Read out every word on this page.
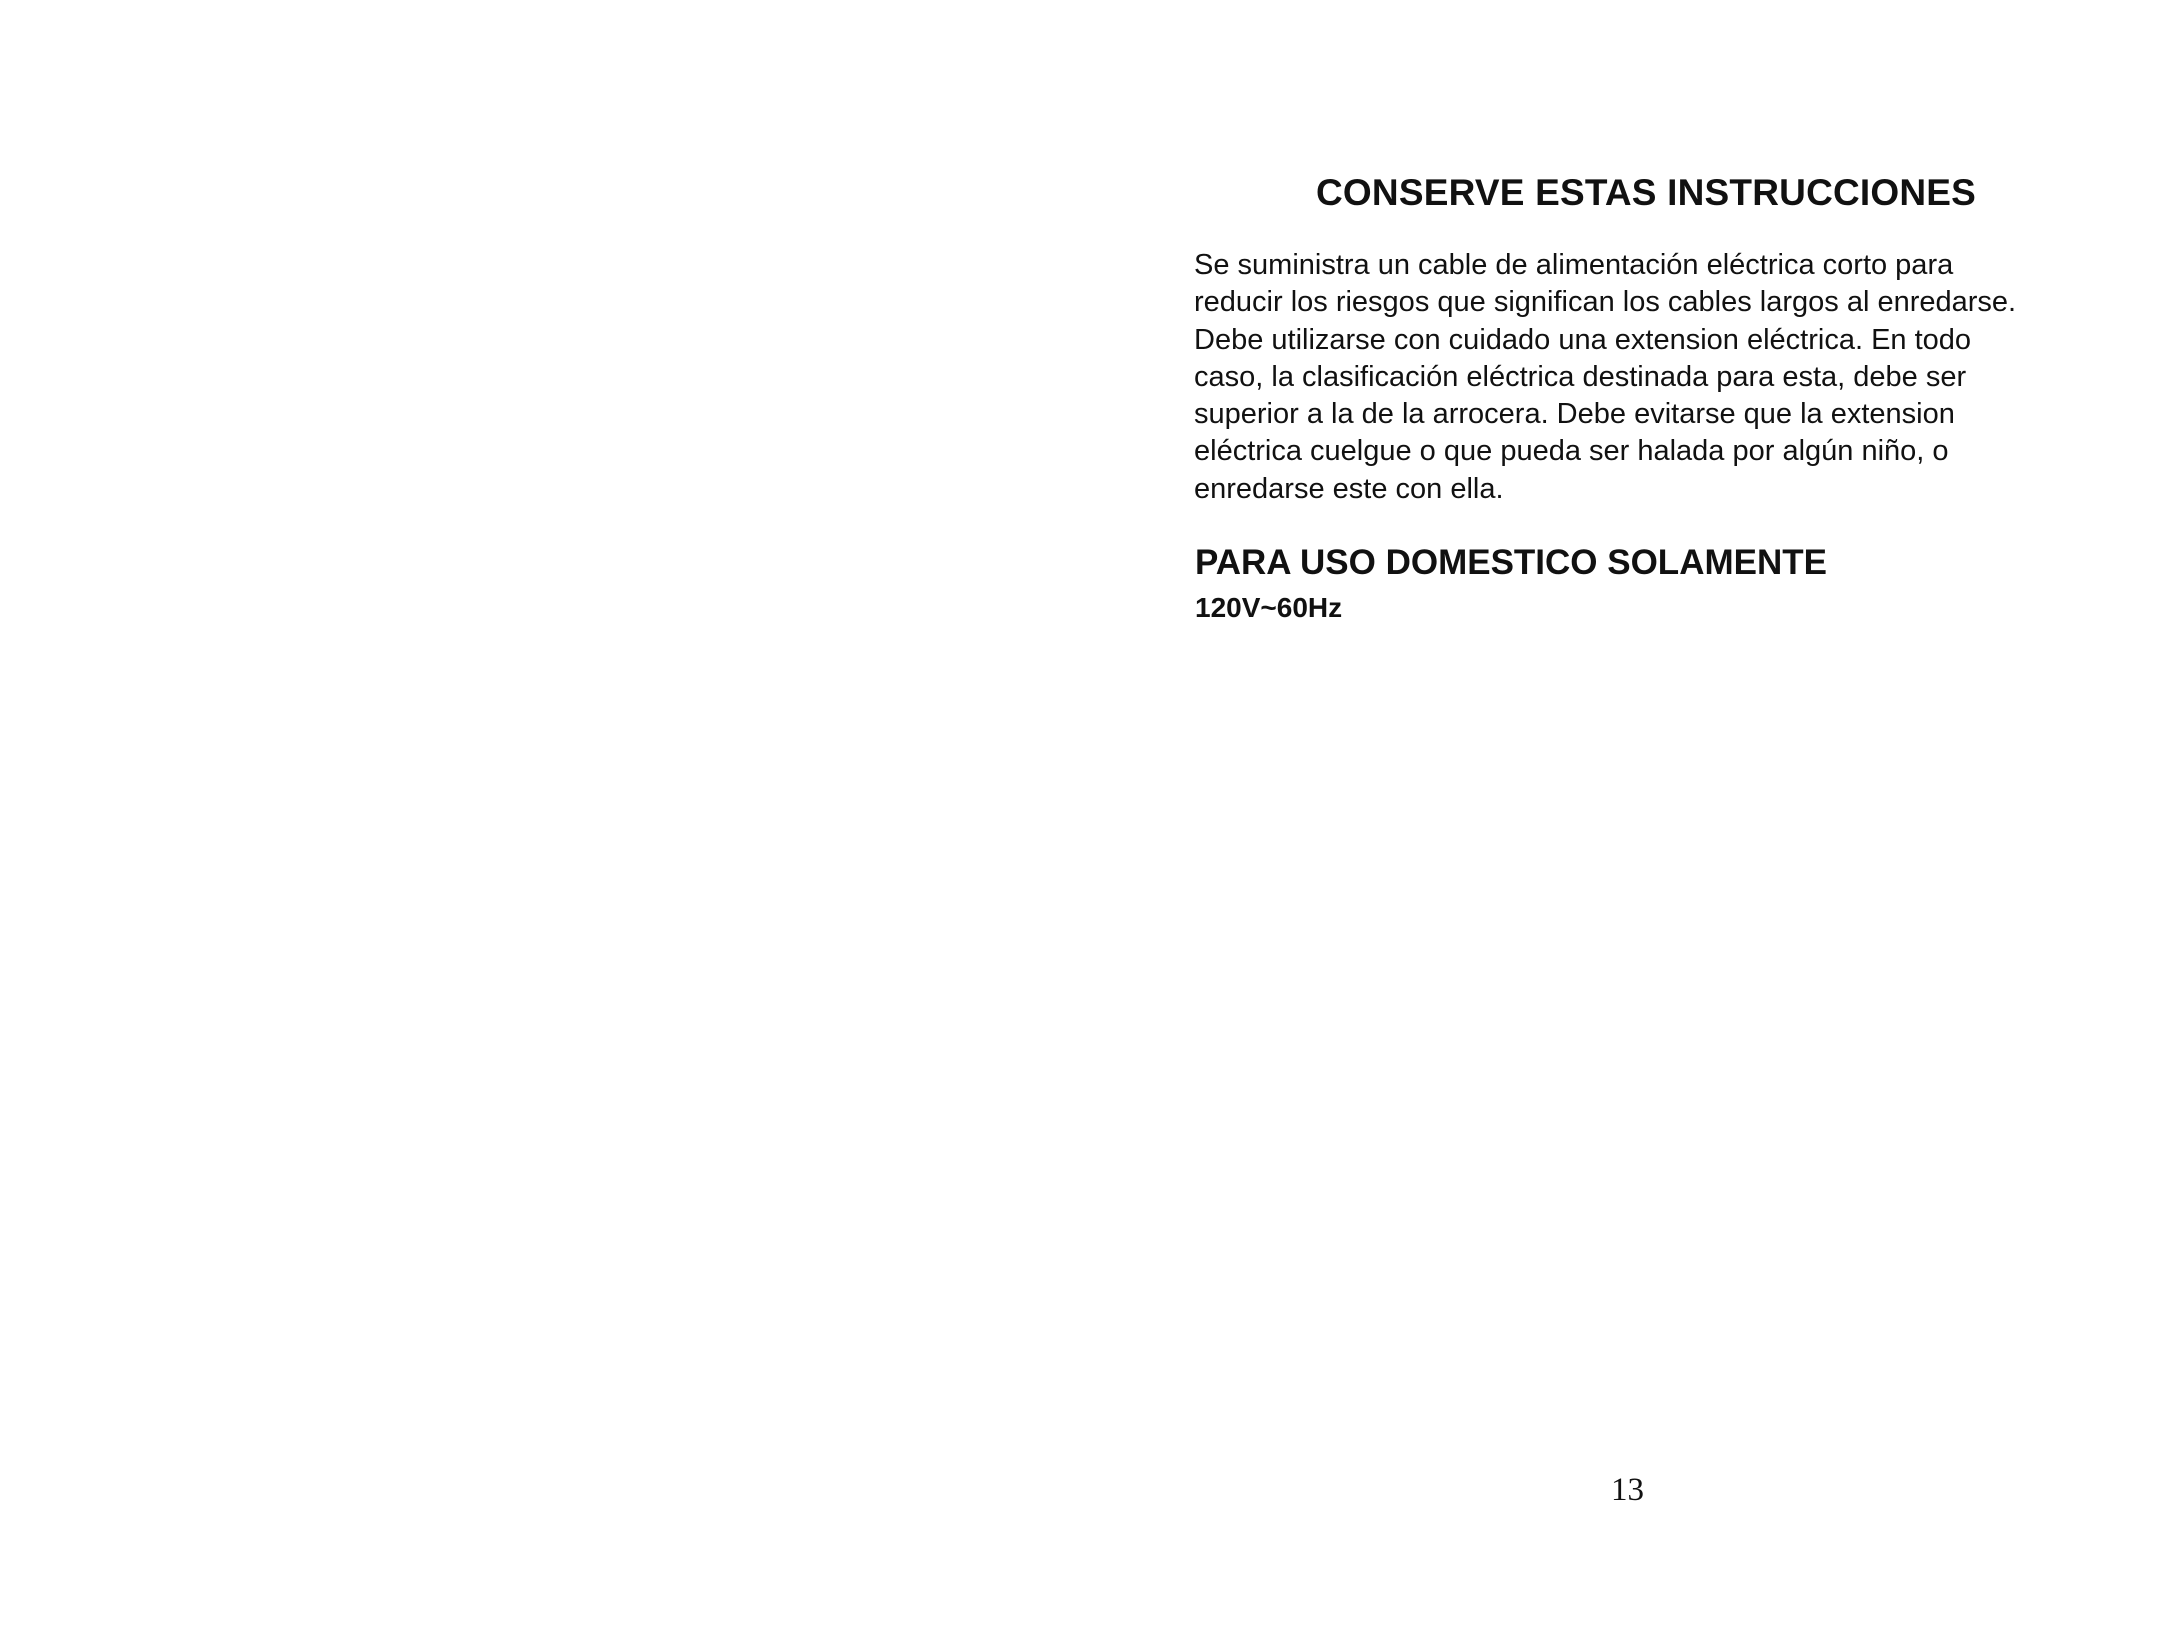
CONSERVE ESTAS INSTRUCCIONES

Se suministra un cable de alimentación eléctrica corto para
reducir los riesgos que significan los cables largos al enredarse.
Debe utilizarse con cuidado una extension eléctrica. En todo
caso, la clasificación eléctrica destinada para esta, debe ser
superior a la de la arrocera. Debe evitarse que la extension
eléctrica cuelgue o que pueda ser halada por algún niño, o
enredarse este con ella.

PARA USO DOMESTICO SOLAMENTE

120V~60Hz

13
